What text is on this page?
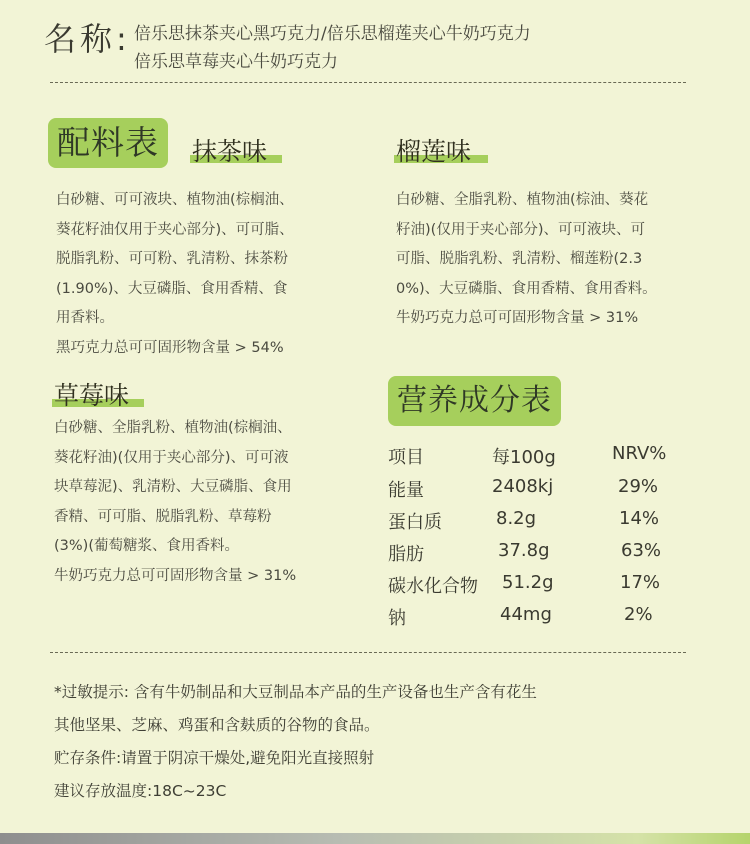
名称: 倍乐思抹茶夹心黑巧克力/倍乐思榴莲夹心牛奶巧克力
倍乐思草莓夹心牛奶巧克力
配料表	抹茶味
白砂糖、可可液块、植物油(棕榈油、
葵花籽油仅用于夹心部分)、可可脂、
脱脂乳粉、可可粉、乳清粉、抹茶粉
(1.90%)、大豆磷脂、食用香精、食
用香料。
黑巧克力总可可固形物含量 > 54%
榴莲味
白砂糖、全脂乳粉、植物油(棕油、葵花
籽油)(仅用于夹心部分)、可可液块、可
可脂、脱脂乳粉、乳清粉、榴莲粉(2.3
0%)、大豆磷脂、食用香精、食用香料。
牛奶巧克力总可可固形物含量 > 31%
草莓味
白砂糖、全脂乳粉、植物油(棕榈油、
葵花籽油)(仅用于夹心部分)、可可液
块草莓泥)、乳清粉、大豆磷脂、食用
香精、可可脂、脱脂乳粉、草莓粉
(3%)(葡萄糖浆、食用香料。
牛奶巧克力总可可固形物含量 > 31%
营养成分表
项目	每100g	NRV%
能量	2408kj	29%
蛋白质	8.2g	14%
脂肪	37.8g	63%
碳水化合物 51.2g	17%
钠	44mg	2%
*过敏提示: 含有牛奶制品和大豆制品本产品的生产设备也生产含有花生
其他坚果、芝麻、鸡蛋和含麸质的谷物的食品。
贮存条件:请置于阴凉干燥处,避免阳光直接照射
建议存放温度:18C~23C
